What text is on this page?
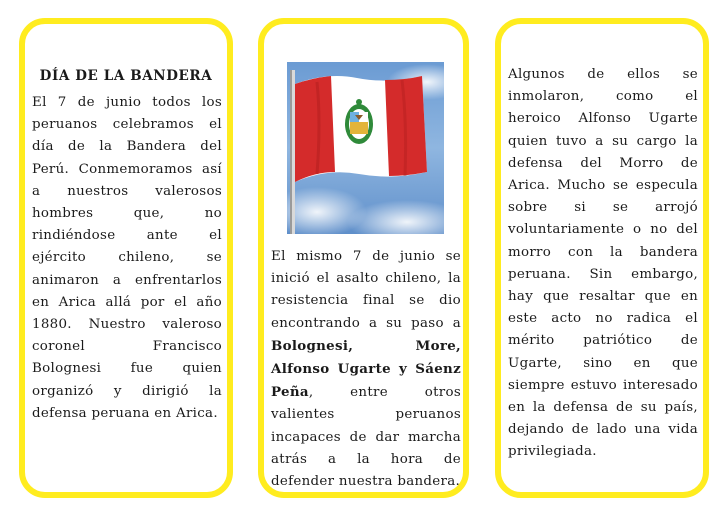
DÍA DE LA BANDERA
El 7 de junio todos los peruanos celebramos el día de la Bandera del Perú. Conmemoramos así a nuestros valerosos hombres que, no rindiéndose ante el ejército chileno, se animaron a enfrentarlos en Arica allá por el año 1880. Nuestro valeroso coronel Francisco Bolognesi fue quien organizó y dirigió la defensa peruana en Arica.
El mismo 7 de junio se inició el asalto chileno, la resistencia final se dio encontrando a su paso a Bolognesi, More, Alfonso Ugarte y Sáenz Peña, entre otros valientes peruanos incapaces de dar marcha atrás a la hora de defender nuestra bandera.
Algunos de ellos se inmolaron, como el heroico Alfonso Ugarte quien tuvo a su cargo la defensa del Morro de Arica. Mucho se especula sobre si se arrojó voluntariamente o no del morro con la bandera peruana. Sin embargo, hay que resaltar que en este acto no radica el mérito patriótico de Ugarte, sino en que siempre estuvo interesado en la defensa de su país, dejando de lado una vida privilegiada.
